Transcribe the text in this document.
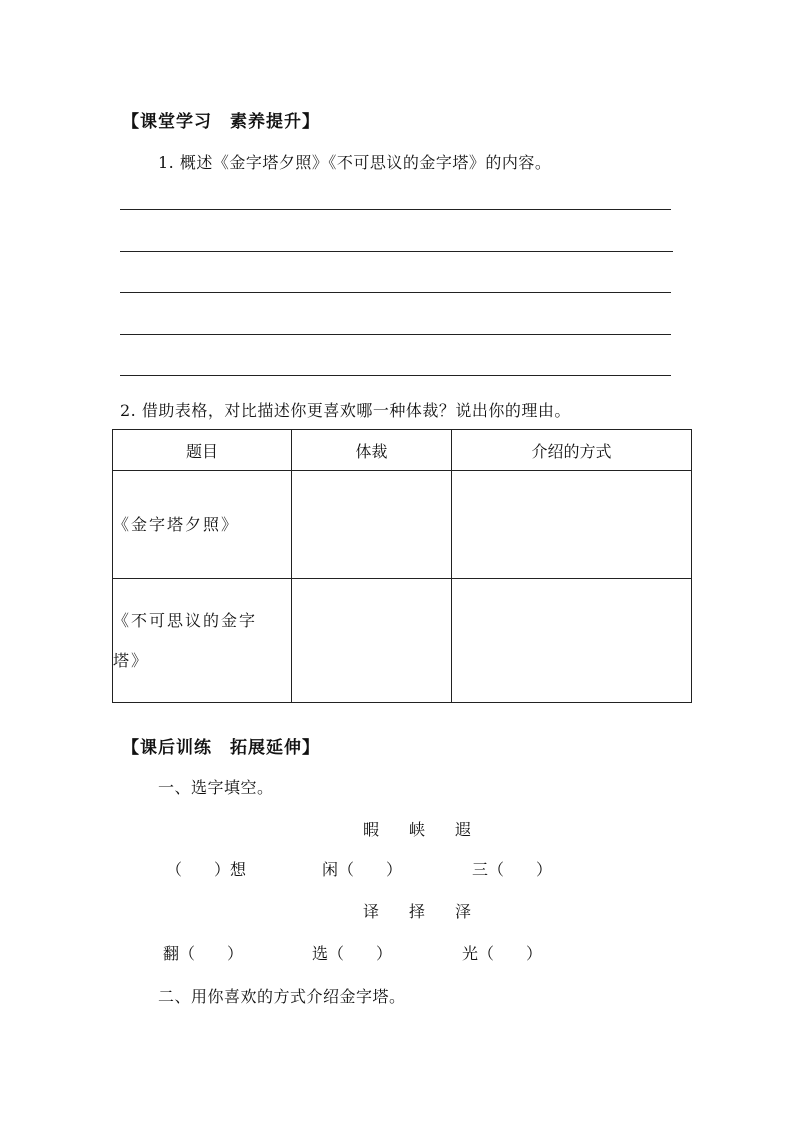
【课堂学习　素养提升】
1. 概述《金字塔夕照》《不可思议的金字塔》的内容。
2. 借助表格，对比描述你更喜欢哪一种体裁？说出你的理由。
题目	体裁	介绍的方式
《金字塔夕照》		

《不可思议的金字
塔》		

【课后训练　拓展延伸】
一、选字填空。
暇 峡 遐
（　　）想	闲（　　）	三（　　）
译 择 泽
翻（　　）	选（　　）	光（　　）
二、用你喜欢的方式介绍金字塔。
